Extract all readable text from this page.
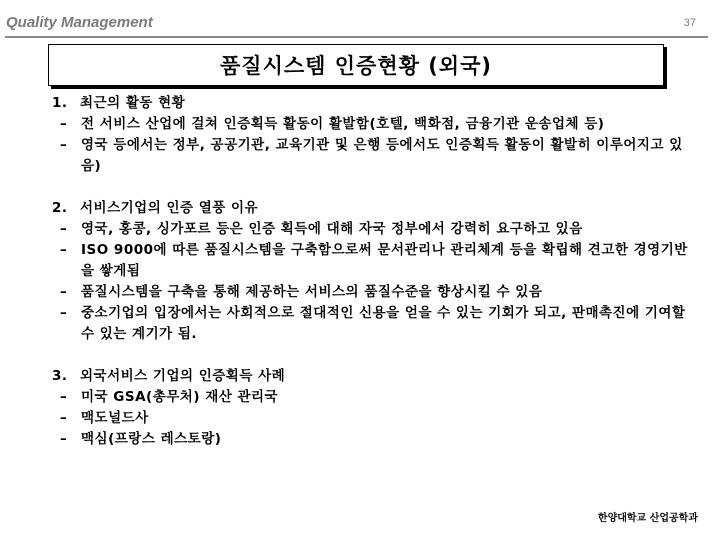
Quality Management	37
품질시스템 인증현황 (외국)
1. 최근의 활동 현황
–	전 서비스 산업에 걸쳐 인증획득 활동이 활발함(호텔, 백화점, 금융기관 운송업체 등)
–	영국 등에서는 정부, 공공기관, 교육기관 및 은행 등에서도 인증획득 활동이 활발히 이루어지고 있음)
2. 서비스기업의 인증 열풍 이유
–	영국, 홍콩, 싱가포르 등은 인증 획득에 대해 자국 정부에서 강력히 요구하고 있음
–	ISO 9000에 따른 품질시스템을 구축함으로써 문서관리나 관리체계 등을 확립해 견고한 경영기반을 쌓게됨
–	품질시스템을 구축을 통해 제공하는 서비스의 품질수준을 향상시킬 수 있음
–	중소기업의 입장에서는 사회적으로 절대적인 신용을 얻을 수 있는 기회가 되고, 판매촉진에 기여할 수 있는 계기가 됨.
3. 외국서비스 기업의 인증획득 사례
–	미국 GSA(총무처) 재산 관리국
–	맥도널드사
–	맥심(프랑스 레스토랑)
한양대학교 산업공학과
